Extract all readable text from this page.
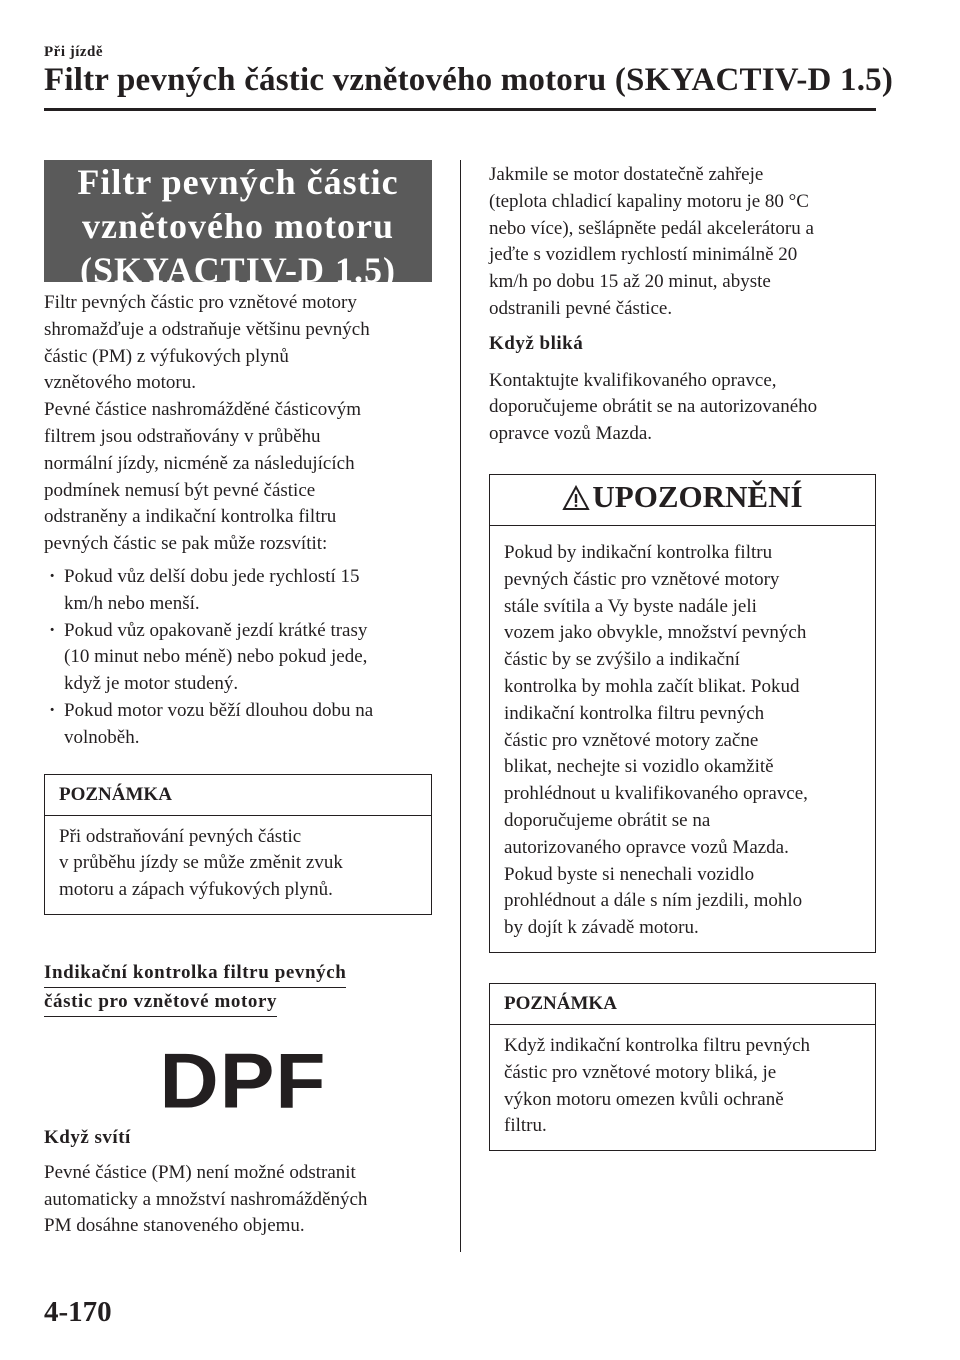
Při jízdě
Filtr pevných částic vznětového motoru (SKYACTIV-D 1.5)
Filtr pevných částic
vznětového motoru
(SKYACTIV-D 1.5)

Filtr pevných částic pro vznětové motory

shromažďuje a odstraňuje většinu pevných

částic (PM) z výfukových plynů

vznětového motoru.

Pevné částice nashromážděné částicovým

filtrem jsou odstraňovány v průběhu

normální jízdy, nicméně za následujících

podmínek nemusí být pevné částice

odstraněny a indikační kontrolka filtru

pevných částic se pak může rozsvítit:

· Pokud vůz delší dobu jede rychlostí 15
km/h nebo menší.
· Pokud vůz opakovaně jezdí krátké trasy
(10 minut nebo méně) nebo pokud jede,
když je motor studený.
· Pokud motor vozu běží dlouhou dobu na
volnoběh.
POZNÁMKA

Při odstraňování pevných částic

v průběhu jízdy se může změnit zvuk

motoru a zápach výfukových plynů.

Indikační kontrolka filtru pevných
částic pro vznětové motory
DPF
Když svítí

Pevné částice (PM) není možné odstranit

automaticky a množství nashromážděných

PM dosáhne stanoveného objemu.

Jakmile se motor dostatečně zahřeje

(teplota chladicí kapaliny motoru je 80 °C

nebo více), sešlápněte pedál akcelerátoru a

jeďte s vozidlem rychlostí minimálně 20

km/h po dobu 15 až 20 minut, abyste

odstranili pevné částice.

Když bliká

Kontaktujte kvalifikovaného opravce,

doporučujeme obrátit se na autorizovaného

opravce vozů Mazda.

UPOZORNĚNÍ

Pokud by indikační kontrolka filtru

pevných částic pro vznětové motory

stále svítila a Vy byste nadále jeli

vozem jako obvykle, množství pevných

částic by se zvýšilo a indikační

kontrolka by mohla začít blikat. Pokud

indikační kontrolka filtru pevných

částic pro vznětové motory začne

blikat, nechejte si vozidlo okamžitě

prohlédnout u kvalifikovaného opravce,

doporučujeme obrátit se na

autorizovaného opravce vozů Mazda.

Pokud byste si nenechali vozidlo

prohlédnout a dále s ním jezdili, mohlo

by dojít k závadě motoru.

POZNÁMKA

Když indikační kontrolka filtru pevných

částic pro vznětové motory bliká, je

výkon motoru omezen kvůli ochraně

filtru.

4-170
